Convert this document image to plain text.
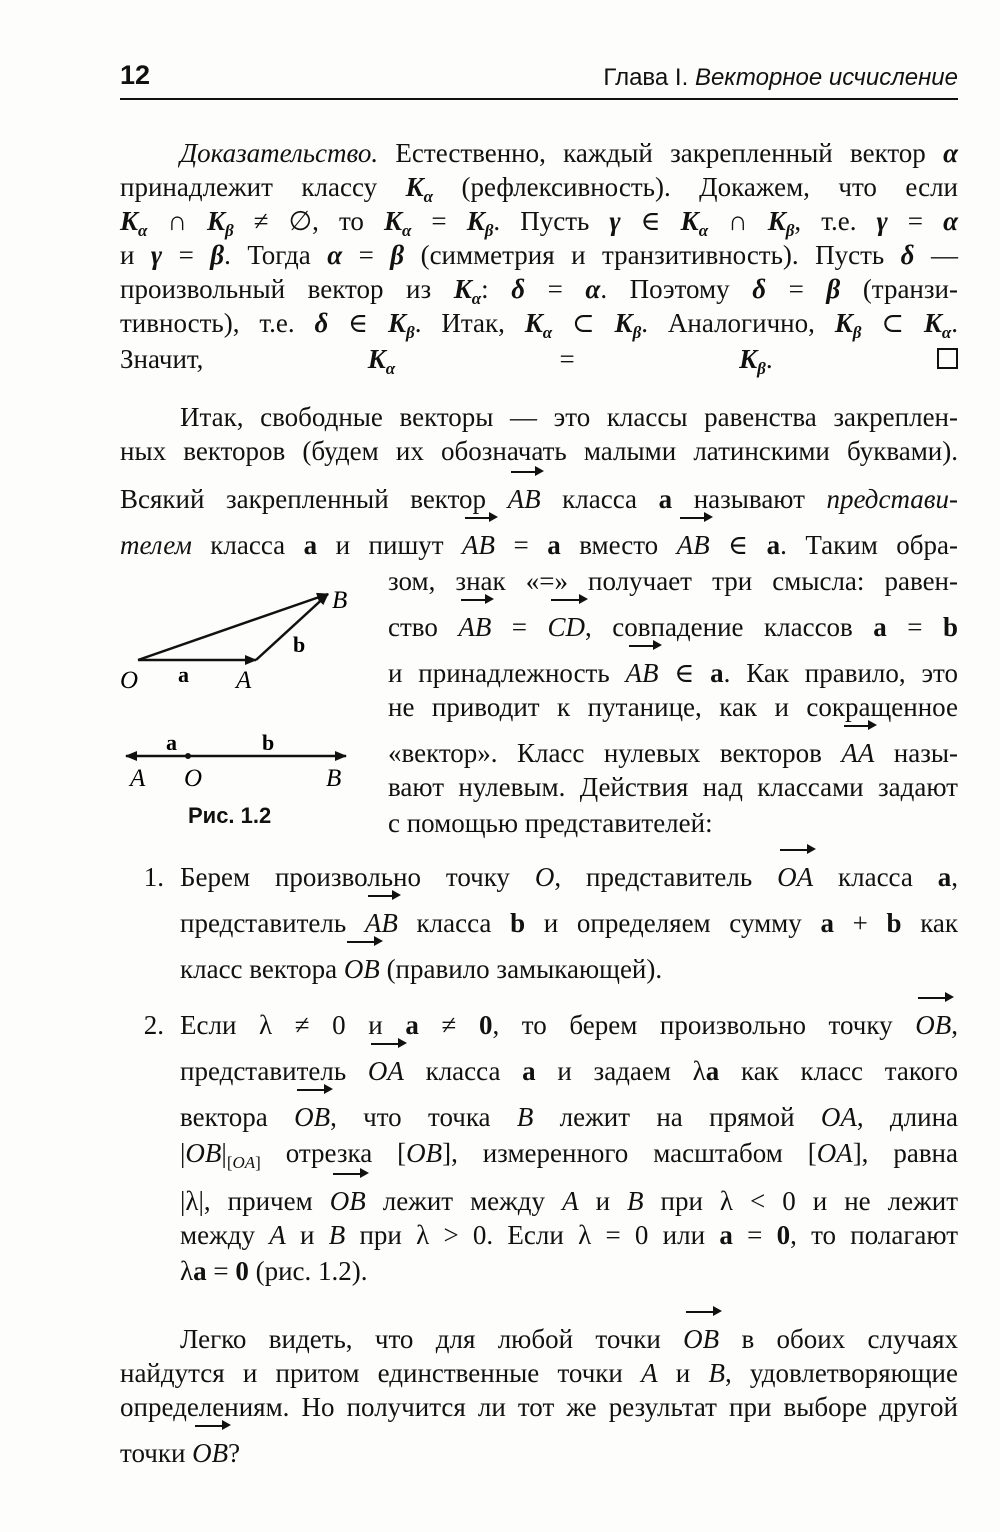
12	Глава I. Векторное исчисление
Доказательство. Естественно, каждый закрепленный вектор α
принадлежит классу $K_\alpha$ (рефлексивность). Докажем, что если
$K_\alpha$ ∩ $K_\beta$ ≠ ∅, то $K_\alpha = K_\beta$. Пусть γ ∈ $K_\alpha$ ∩ $K_\beta$, т.е. γ = α
и γ = β. Тогда α = β (симметрия и транзитивность). Пусть δ —
произвольный вектор из $K_\alpha$: δ = α. Поэтому δ = β (транзи-
тивность), т.е. δ ∈ $K_\beta$. Итак, $K_\alpha$ ⊂ $K_\beta$. Аналогично, $K_\beta$ ⊂ $K_\alpha$.
Значит, $K_\alpha = K_\beta$.
Итак, свободные векторы — это классы равенства закреплен-
ных векторов (будем их обозначать малыми латинскими буквами).
Всякий закрепленный вектор AB класса a называют представи-
телем класса a и пишут AB = a вместо AB ∈ a. Таким обра-
зом, знак «=» получает три смысла: равен-
ство AB = CD, совпадение классов a = b
и принадлежность AB ∈ a. Как правило, это
не приводит к путанице, как и сокращенное
«вектор». Класс нулевых векторов AA назы-
вают нулевым. Действия над классами задают
с помощью представителей:
O a A
B
b
a	b
A O	B
Рис. 1.2
1. Берем произвольно точку O, представитель OA класса a,
представитель AB класса b и определяем сумму a + b как
класс вектора OB (правило замыкающей).
2. Если λ ≠ 0 и a ≠ 0, то берем произвольно точку OB,
представитель OA класса a и задаем λa как класс такого
вектора OB, что точка B лежит на прямой OA, длина
$|OB|_{[OA]}$ отрезка [OB], измеренного масштабом [OA], равна
|λ|, причем OB лежит между A и B при λ < 0 и не лежит
между A и B при λ > 0. Если λ = 0 или a = 0, то полагают
λa = 0 (рис. 1.2).
Легко видеть, что для любой точки OB в обоих случаях
найдутся и притом единственные точки A и B, удовлетворяющие
определениям. Но получится ли тот же результат при выборе другой
точки OB?
